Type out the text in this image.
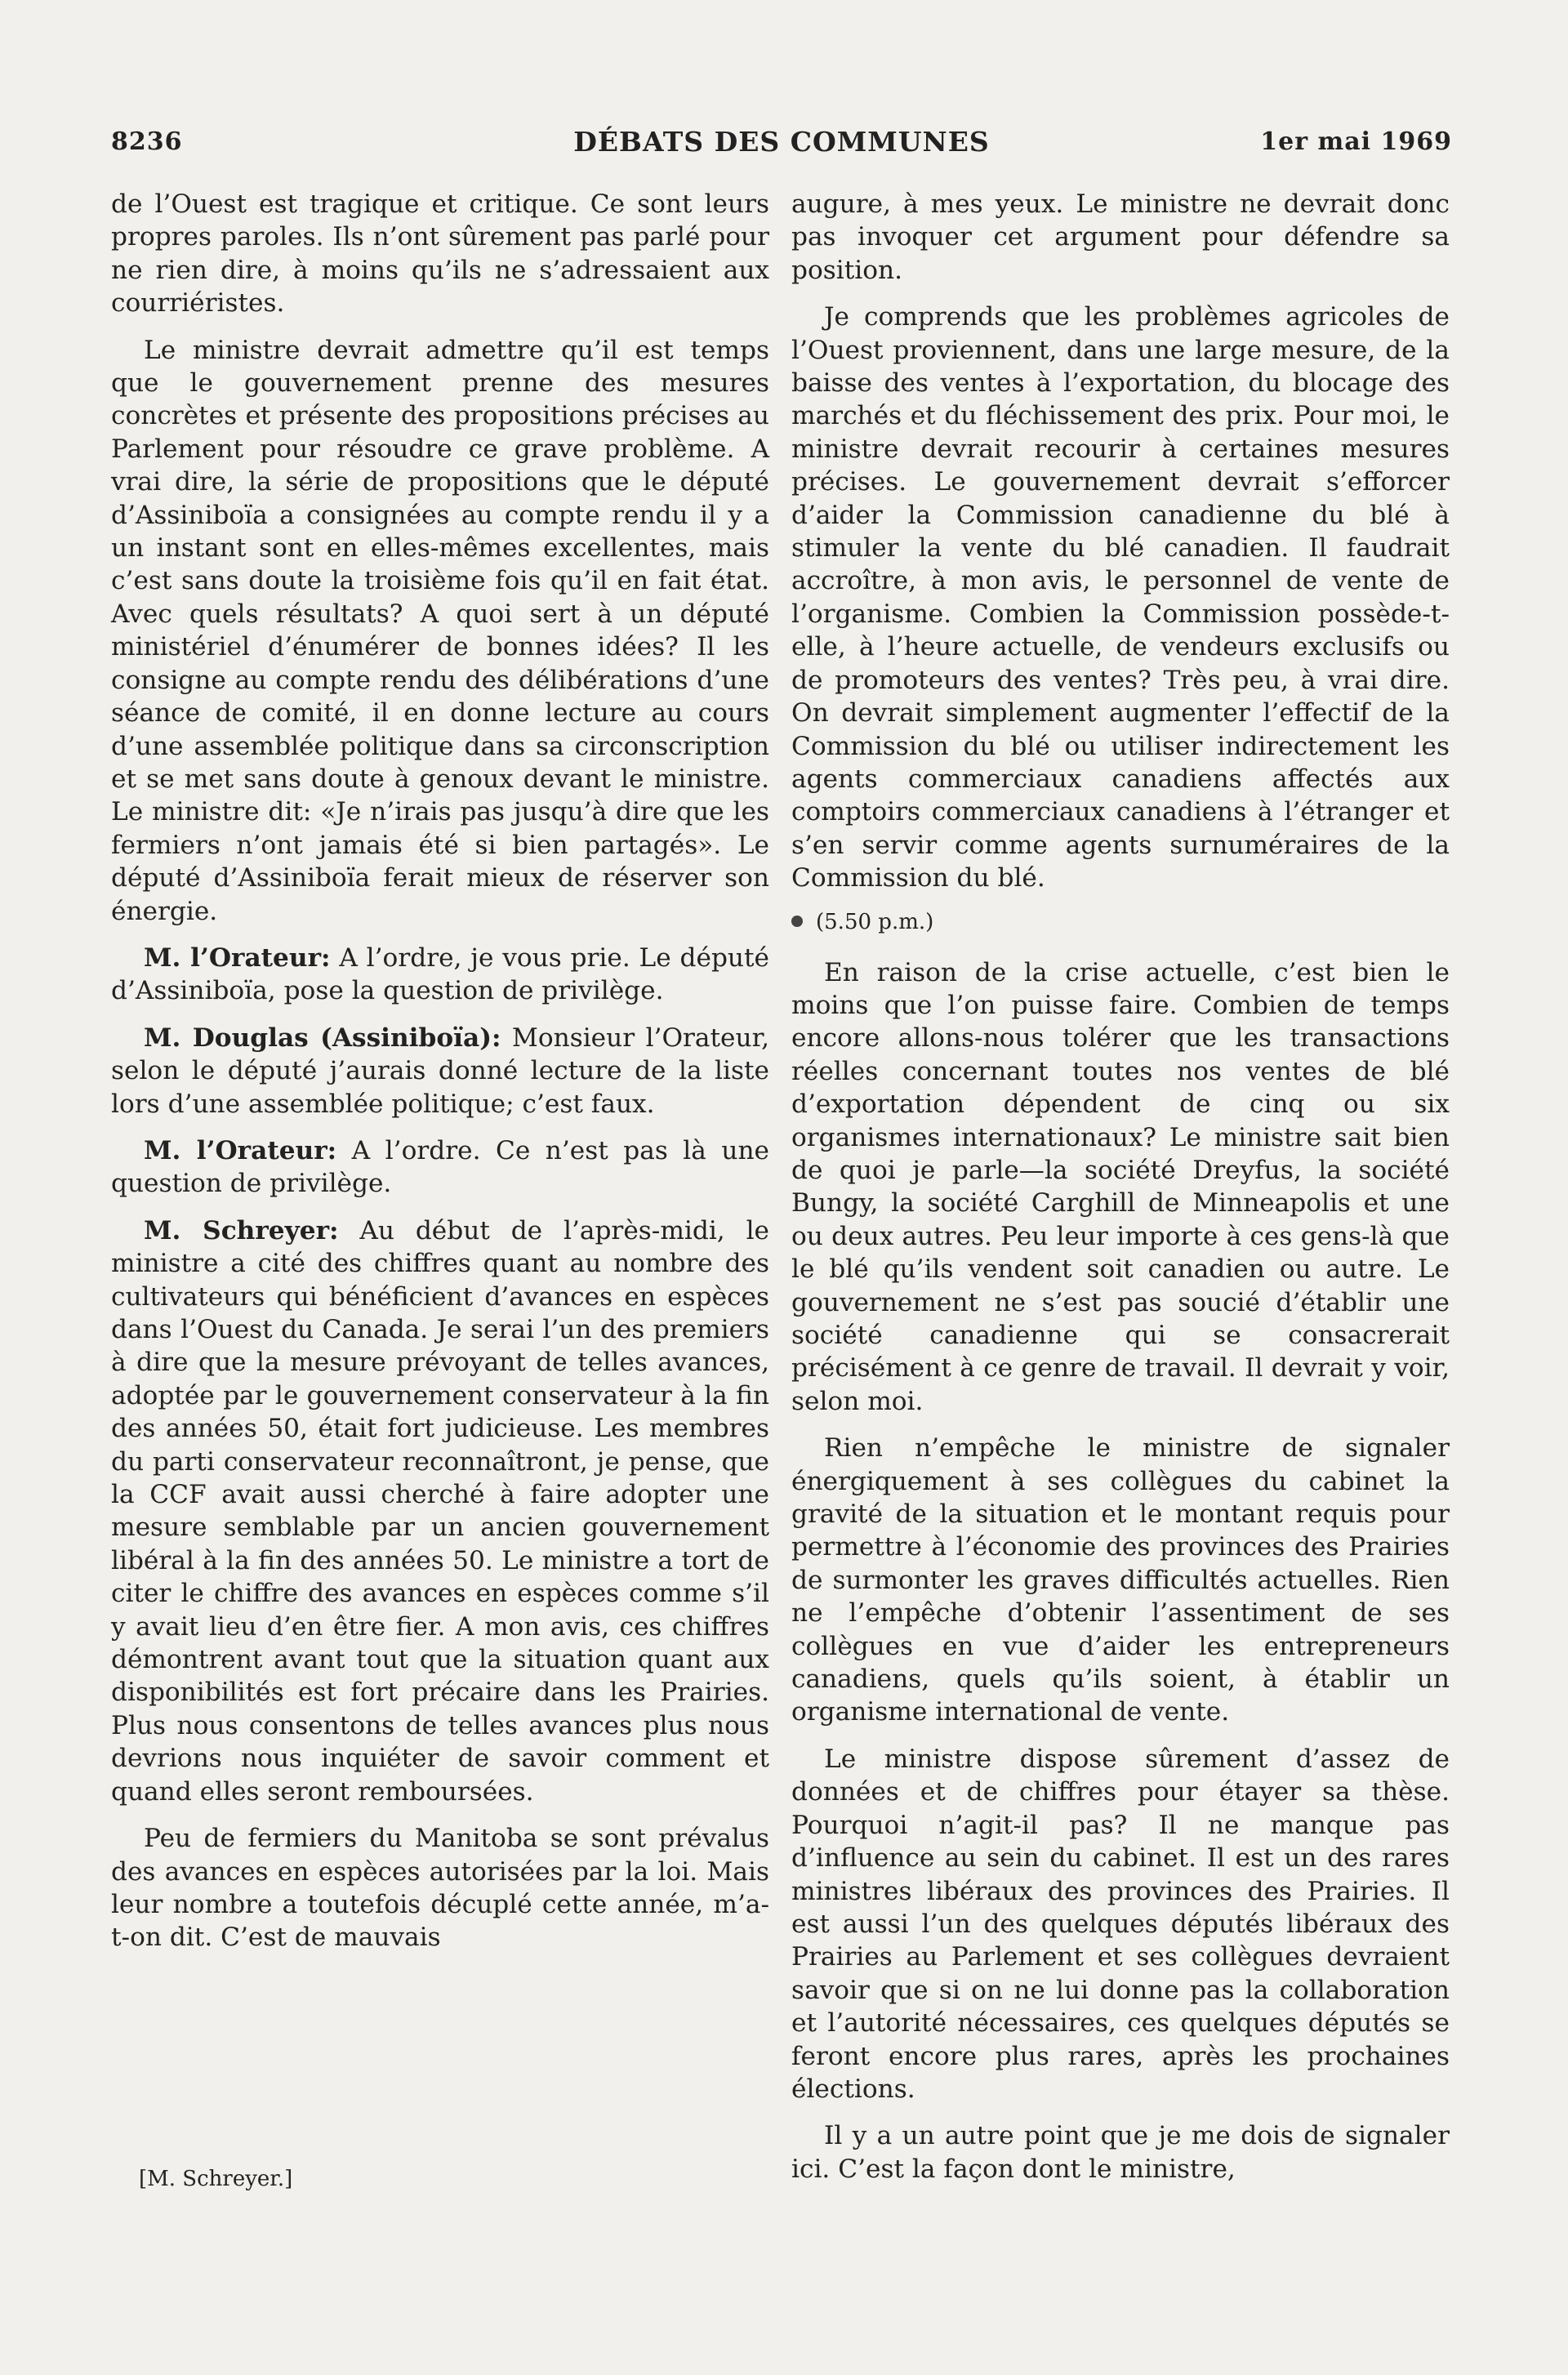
8236	DÉBATS DES COMMUNES	1er mai 1969

de l’Ouest est tragique et critique. Ce sont leurs propres paroles. Ils n’ont sûrement pas parlé pour ne rien dire, à moins qu’ils ne s’adressaient aux courriéristes.

Le ministre devrait admettre qu’il est temps que le gouvernement prenne des mesures concrètes et présente des propositions précises au Parlement pour résoudre ce grave problème. A vrai dire, la série de propositions que le député d’Assiniboïa a consignées au compte rendu il y a un instant sont en elles-mêmes excellentes, mais c’est sans doute la troisième fois qu’il en fait état. Avec quels résultats? A quoi sert à un député ministériel d’énumérer de bonnes idées? Il les consigne au compte rendu des délibérations d’une séance de comité, il en donne lecture au cours d’une assemblée politique dans sa circonscription et se met sans doute à genoux devant le ministre. Le ministre dit: «Je n’irais pas jusqu’à dire que les fermiers n’ont jamais été si bien partagés». Le député d’Assiniboïa ferait mieux de réserver son énergie.

M. l’Orateur: A l’ordre, je vous prie. Le député d’Assiniboïa, pose la question de privilège.

M. Douglas (Assiniboïa): Monsieur l’Orateur, selon le député j’aurais donné lecture de la liste lors d’une assemblée politique; c’est faux.

M. l’Orateur: A l’ordre. Ce n’est pas là une question de privilège.

M. Schreyer: Au début de l’après-midi, le ministre a cité des chiffres quant au nombre des cultivateurs qui bénéficient d’avances en espèces dans l’Ouest du Canada. Je serai l’un des premiers à dire que la mesure prévoyant de telles avances, adoptée par le gouvernement conservateur à la fin des années 50, était fort judicieuse. Les membres du parti conservateur reconnaîtront, je pense, que la CCF avait aussi cherché à faire adopter une mesure semblable par un ancien gouvernement libéral à la fin des années 50. Le ministre a tort de citer le chiffre des avances en espèces comme s’il y avait lieu d’en être fier. A mon avis, ces chiffres démontrent avant tout que la situation quant aux disponibilités est fort précaire dans les Prairies. Plus nous consentons de telles avances plus nous devrions nous inquiéter de savoir comment et quand elles seront remboursées.

Peu de fermiers du Manitoba se sont prévalus des avances en espèces autorisées par la loi. Mais leur nombre a toutefois décuplé cette année, m’a-t-on dit. C’est de mauvais

[M. Schreyer.]

augure, à mes yeux. Le ministre ne devrait donc pas invoquer cet argument pour défendre sa position.

Je comprends que les problèmes agricoles de l’Ouest proviennent, dans une large mesure, de la baisse des ventes à l’exportation, du blocage des marchés et du fléchissement des prix. Pour moi, le ministre devrait recourir à certaines mesures précises. Le gouvernement devrait s’efforcer d’aider la Commission canadienne du blé à stimuler la vente du blé canadien. Il faudrait accroître, à mon avis, le personnel de vente de l’organisme. Combien la Commission possède-t-elle, à l’heure actuelle, de vendeurs exclusifs ou de promoteurs des ventes? Très peu, à vrai dire. On devrait simplement augmenter l’effectif de la Commission du blé ou utiliser indirectement les agents commerciaux canadiens affectés aux comptoirs commerciaux canadiens à l’étranger et s’en servir comme agents surnuméraires de la Commission du blé.

(5.50 p.m.)

En raison de la crise actuelle, c’est bien le moins que l’on puisse faire. Combien de temps encore allons-nous tolérer que les transactions réelles concernant toutes nos ventes de blé d’exportation dépendent de cinq ou six organismes internationaux? Le ministre sait bien de quoi je parle—la société Dreyfus, la société Bungy, la société Carghill de Minneapolis et une ou deux autres. Peu leur importe à ces gens-là que le blé qu’ils vendent soit canadien ou autre. Le gouvernement ne s’est pas soucié d’établir une société canadienne qui se consacrerait précisément à ce genre de travail. Il devrait y voir, selon moi.

Rien n’empêche le ministre de signaler énergiquement à ses collègues du cabinet la gravité de la situation et le montant requis pour permettre à l’économie des provinces des Prairies de surmonter les graves difficultés actuelles. Rien ne l’empêche d’obtenir l’assentiment de ses collègues en vue d’aider les entrepreneurs canadiens, quels qu’ils soient, à établir un organisme international de vente.

Le ministre dispose sûrement d’assez de données et de chiffres pour étayer sa thèse. Pourquoi n’agit-il pas? Il ne manque pas d’influence au sein du cabinet. Il est un des rares ministres libéraux des provinces des Prairies. Il est aussi l’un des quelques députés libéraux des Prairies au Parlement et ses collègues devraient savoir que si on ne lui donne pas la collaboration et l’autorité nécessaires, ces quelques députés se feront encore plus rares, après les prochaines élections.

Il y a un autre point que je me dois de signaler ici. C’est la façon dont le ministre,
